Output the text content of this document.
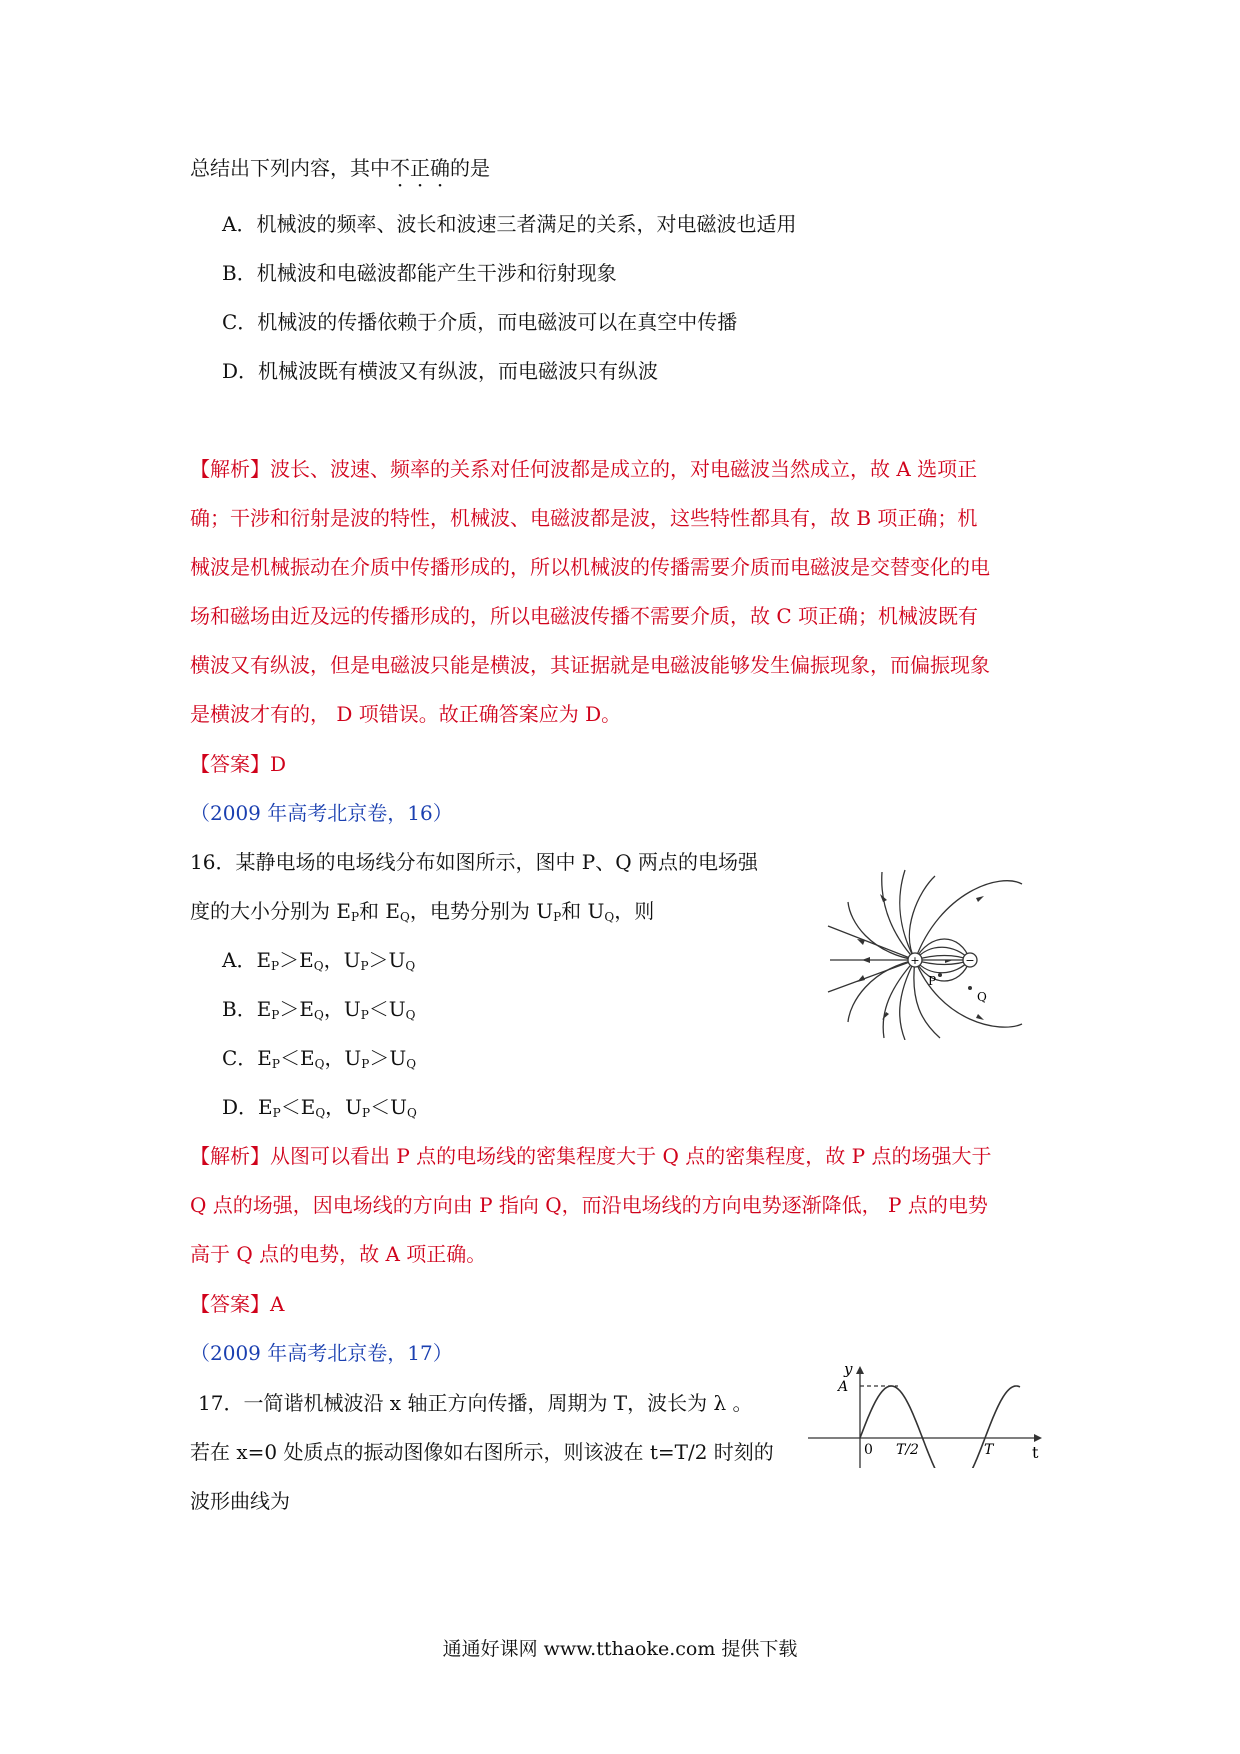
总结出下列内容，其中不正确的是
A．机械波的频率、波长和波速三者满足的关系，对电磁波也适用
B．机械波和电磁波都能产生干涉和衍射现象
C．机械波的传播依赖于介质，而电磁波可以在真空中传播
D．机械波既有横波又有纵波，而电磁波只有纵波
【解析】波长、波速、频率的关系对任何波都是成立的，对电磁波当然成立，故 A 选项正
确；干涉和衍射是波的特性，机械波、电磁波都是波，这些特性都具有，故 B 项正确；机
械波是机械振动在介质中传播形成的，所以机械波的传播需要介质而电磁波是交替变化的电
场和磁场由近及远的传播形成的，所以电磁波传播不需要介质，故 C 项正确；机械波既有
横波又有纵波，但是电磁波只能是横波，其证据就是电磁波能够发生偏振现象，而偏振现象
是横波才有的， D 项错误。故正确答案应为 D。
【答案】D
（2009 年高考北京卷，16）
16．某静电场的电场线分布如图所示，图中 P、Q 两点的电场强
度的大小分别为 $E_P$和 $E_Q$，电势分别为 $U_P$和 $U_Q$，则
A．$E_P>E_Q$，$U_P>U_Q$
B．$E_P>E_Q$，$U_P<U_Q$
C．$E_P<E_Q$，$U_P>U_Q$
D．$E_P<E_Q$，$U_P<U_Q$
+	−
P
Q
【解析】从图可以看出 P 点的电场线的密集程度大于 Q 点的密集程度，故 P 点的场强大于
Q 点的场强，因电场线的方向由 P 指向 Q，而沿电场线的方向电势逐渐降低， P 点的电势
高于 Q 点的电势，故 A 项正确。
【答案】A
（2009 年高考北京卷，17）
17．一简谐机械波沿 x 轴正方向传播，周期为 T，波长为 λ 。
若在 x=0 处质点的振动图像如右图所示，则该波在 t=T/2 时刻的
波形曲线为
y
A
0 T/2	T t
通通好课网 www.tthaoke.com 提供下载
